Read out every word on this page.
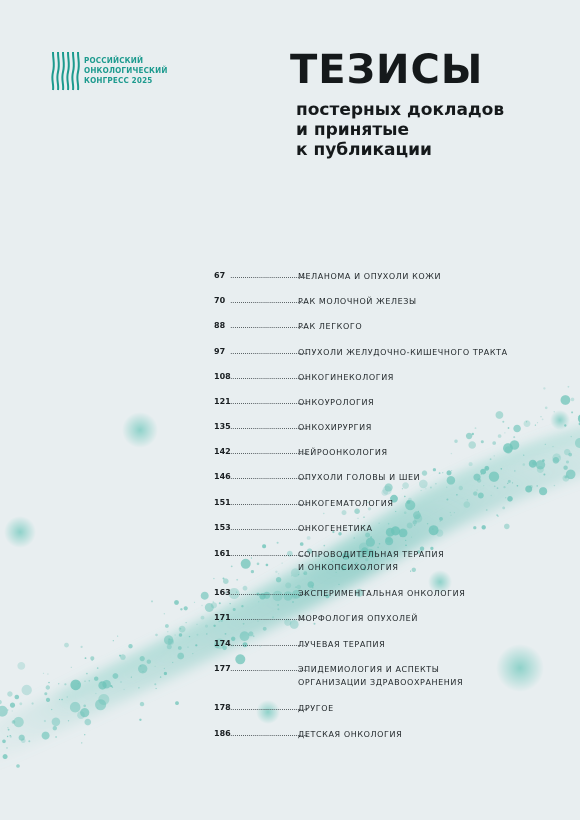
РОССИЙСКИЙ
ОНКОЛОГИЧЕСКИЙ
КОНГРЕСС 2025	ТЕЗИСЫ
постерных докладов
и принятые
к публикации
67 ......................................
МЕЛАНОМА И ОПУХОЛИ КОЖИ
70 ......................................
РАК МОЛОЧНОЙ ЖЕЛЕЗЫ
88 ......................................
РАК ЛЕГКОГО
97 ......................................
ОПУХОЛИ ЖЕЛУДОЧНО-КИШЕЧНОГО ТРАКТА
108 ......................................
ОНКОГИНЕКОЛОГИЯ
121 ......................................
ОНКОУРОЛОГИЯ
135 ......................................
ОНКОХИРУРГИЯ
142 ......................................
НЕЙРООНКОЛОГИЯ
146 ......................................
ОПУХОЛИ ГОЛОВЫ И ШЕИ
151 ......................................
ОНКОГЕМАТОЛОГИЯ
153 ......................................
ОНКОГЕНЕТИКА
161 ......................................
СОПРОВОДИТЕЛЬНАЯ ТЕРАПИЯ
И ОНКОПСИХОЛОГИЯ
163 ......................................
ЭКСПЕРИМЕНТАЛЬНАЯ ОНКОЛОГИЯ
171 ......................................
МОРФОЛОГИЯ ОПУХОЛЕЙ
174 ......................................
ЛУЧЕВАЯ ТЕРАПИЯ
177 ......................................
ЭПИДЕМИОЛОГИЯ И АСПЕКТЫ
ОРГАНИЗАЦИИ ЗДРАВООХРАНЕНИЯ
178 ......................................
ДРУГОЕ
186 ......................................
ДЕТСКАЯ ОНКОЛОГИЯ
